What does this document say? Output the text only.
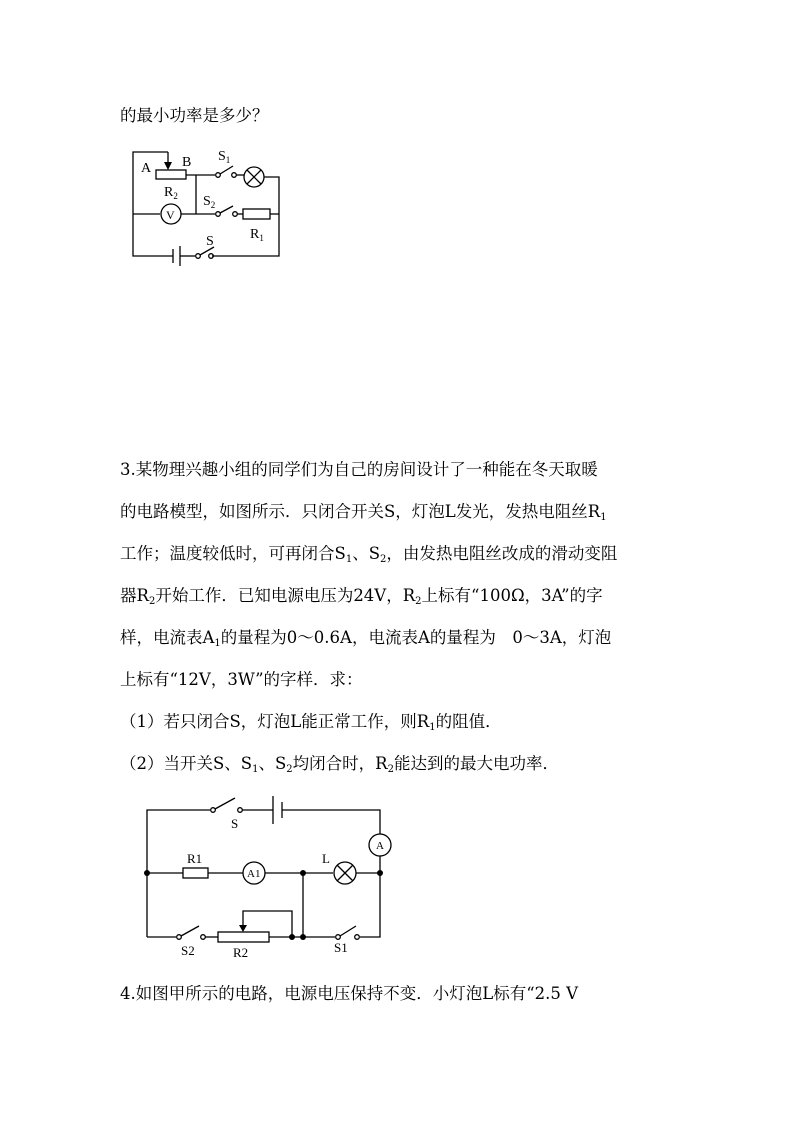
的最小功率是多少？
A B
$R_2$
$S_1$
$S_2$
V
$R_1$
S
3.某物理兴趣小组的同学们为自己的房间设计了一种能在冬天取暖
的电路模型，如图所示．只闭合开关S，灯泡L发光，发热电阻丝$R_1$
工作；温度较低时，可再闭合$S_1$、$S_2$，由发热电阻丝改成的滑动变阻
器$R_2$开始工作．已知电源电压为24V，$R_2$上标有“100Ω，3A”的字
样，电流表$A_1$的量程为0～0.6A，电流表A的量程为　0～3A，灯泡
上标有“12V，3W”的字样．求：
（1）若只闭合S，灯泡L能正常工作，则$R_1$的阻值．
（2）当开关S、$S_1$、$S_2$均闭合时，$R_2$能达到的最大电功率．
S
A
R1
A1
L
S2	R2	S1
4.如图甲所示的电路，电源电压保持不变．小灯泡L标有“2.5 V
